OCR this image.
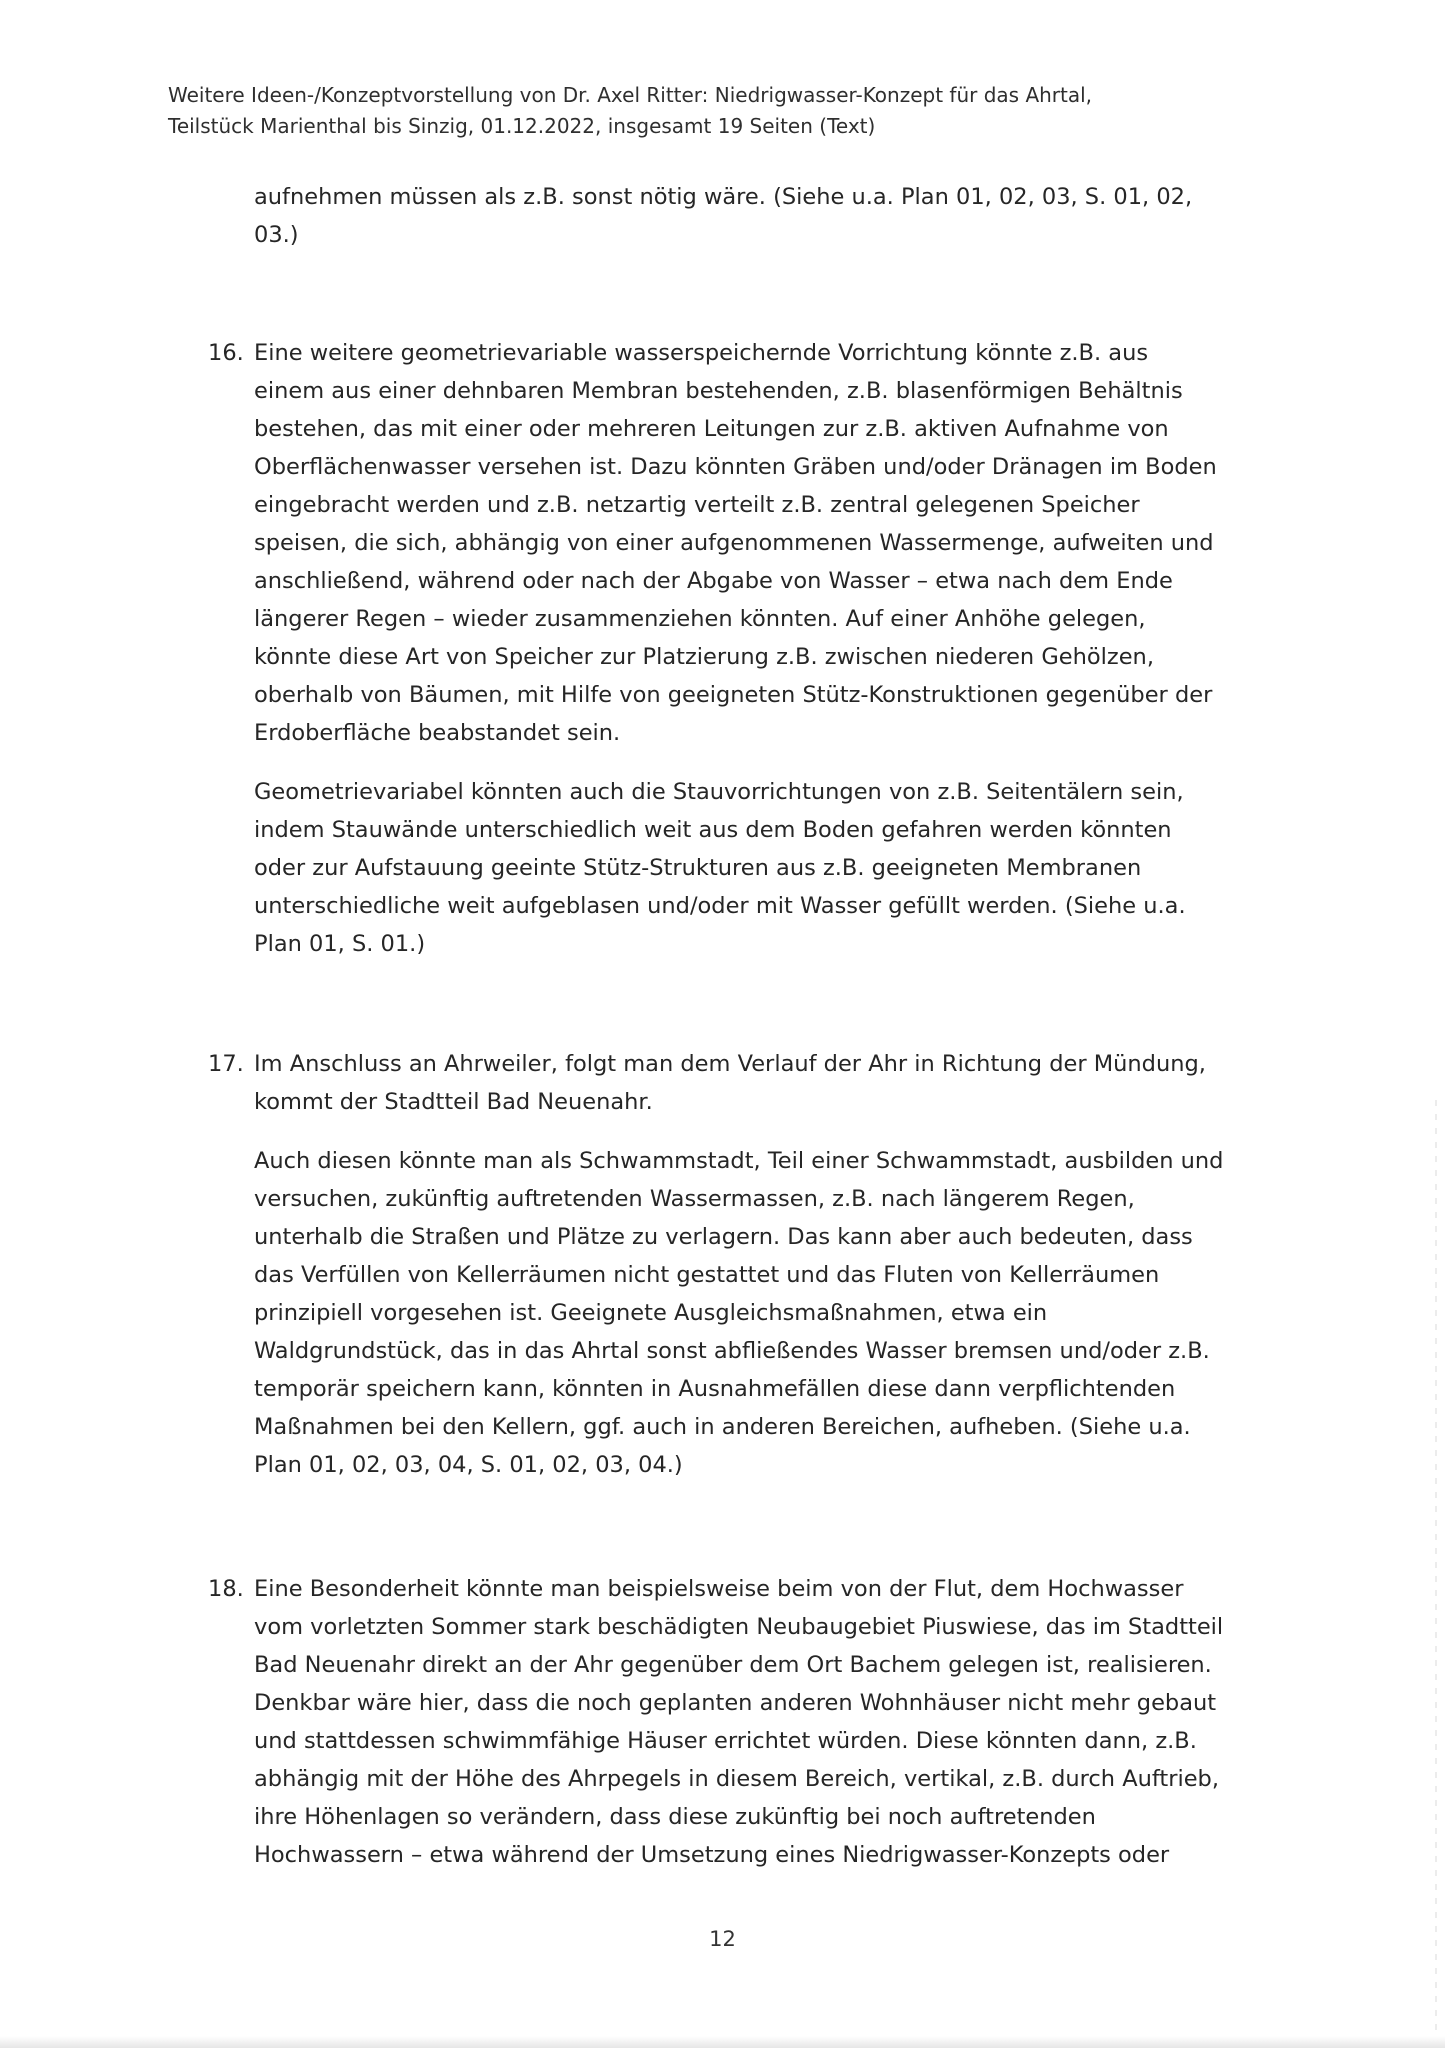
Weitere Ideen-/Konzeptvorstellung von Dr. Axel Ritter: Niedrigwasser-Konzept für das Ahrtal,
Teilstück Marienthal bis Sinzig, 01.12.2022, insgesamt 19 Seiten (Text)
aufnehmen müssen als z.B. sonst nötig wäre. (Siehe u.a. Plan 01, 02, 03, S. 01, 02,
03.)
16. Eine weitere geometrievariable wasserspeichernde Vorrichtung könnte z.B. aus
einem aus einer dehnbaren Membran bestehenden, z.B. blasenförmigen Behältnis
bestehen, das mit einer oder mehreren Leitungen zur z.B. aktiven Aufnahme von
Oberflächenwasser versehen ist. Dazu könnten Gräben und/oder Dränagen im Boden
eingebracht werden und z.B. netzartig verteilt z.B. zentral gelegenen Speicher
speisen, die sich, abhängig von einer aufgenommenen Wassermenge, aufweiten und
anschließend, während oder nach der Abgabe von Wasser – etwa nach dem Ende
längerer Regen – wieder zusammenziehen könnten. Auf einer Anhöhe gelegen,
könnte diese Art von Speicher zur Platzierung z.B. zwischen niederen Gehölzen,
oberhalb von Bäumen, mit Hilfe von geeigneten Stütz-Konstruktionen gegenüber der
Erdoberfläche beabstandet sein.
Geometrievariabel könnten auch die Stauvorrichtungen von z.B. Seitentälern sein,
indem Stauwände unterschiedlich weit aus dem Boden gefahren werden könnten
oder zur Aufstauung geeinte Stütz-Strukturen aus z.B. geeigneten Membranen
unterschiedliche weit aufgeblasen und/oder mit Wasser gefüllt werden. (Siehe u.a.
Plan 01, S. 01.)
17. Im Anschluss an Ahrweiler, folgt man dem Verlauf der Ahr in Richtung der Mündung,
kommt der Stadtteil Bad Neuenahr.
Auch diesen könnte man als Schwammstadt, Teil einer Schwammstadt, ausbilden und
versuchen, zukünftig auftretenden Wassermassen, z.B. nach längerem Regen,
unterhalb die Straßen und Plätze zu verlagern. Das kann aber auch bedeuten, dass
das Verfüllen von Kellerräumen nicht gestattet und das Fluten von Kellerräumen
prinzipiell vorgesehen ist. Geeignete Ausgleichsmaßnahmen, etwa ein
Waldgrundstück, das in das Ahrtal sonst abfließendes Wasser bremsen und/oder z.B.
temporär speichern kann, könnten in Ausnahmefällen diese dann verpflichtenden
Maßnahmen bei den Kellern, ggf. auch in anderen Bereichen, aufheben. (Siehe u.a.
Plan 01, 02, 03, 04, S. 01, 02, 03, 04.)
18. Eine Besonderheit könnte man beispielsweise beim von der Flut, dem Hochwasser
vom vorletzten Sommer stark beschädigten Neubaugebiet Piuswiese, das im Stadtteil
Bad Neuenahr direkt an der Ahr gegenüber dem Ort Bachem gelegen ist, realisieren.
Denkbar wäre hier, dass die noch geplanten anderen Wohnhäuser nicht mehr gebaut
und stattdessen schwimmfähige Häuser errichtet würden. Diese könnten dann, z.B.
abhängig mit der Höhe des Ahrpegels in diesem Bereich, vertikal, z.B. durch Auftrieb,
ihre Höhenlagen so verändern, dass diese zukünftig bei noch auftretenden
Hochwassern – etwa während der Umsetzung eines Niedrigwasser-Konzepts oder
12
